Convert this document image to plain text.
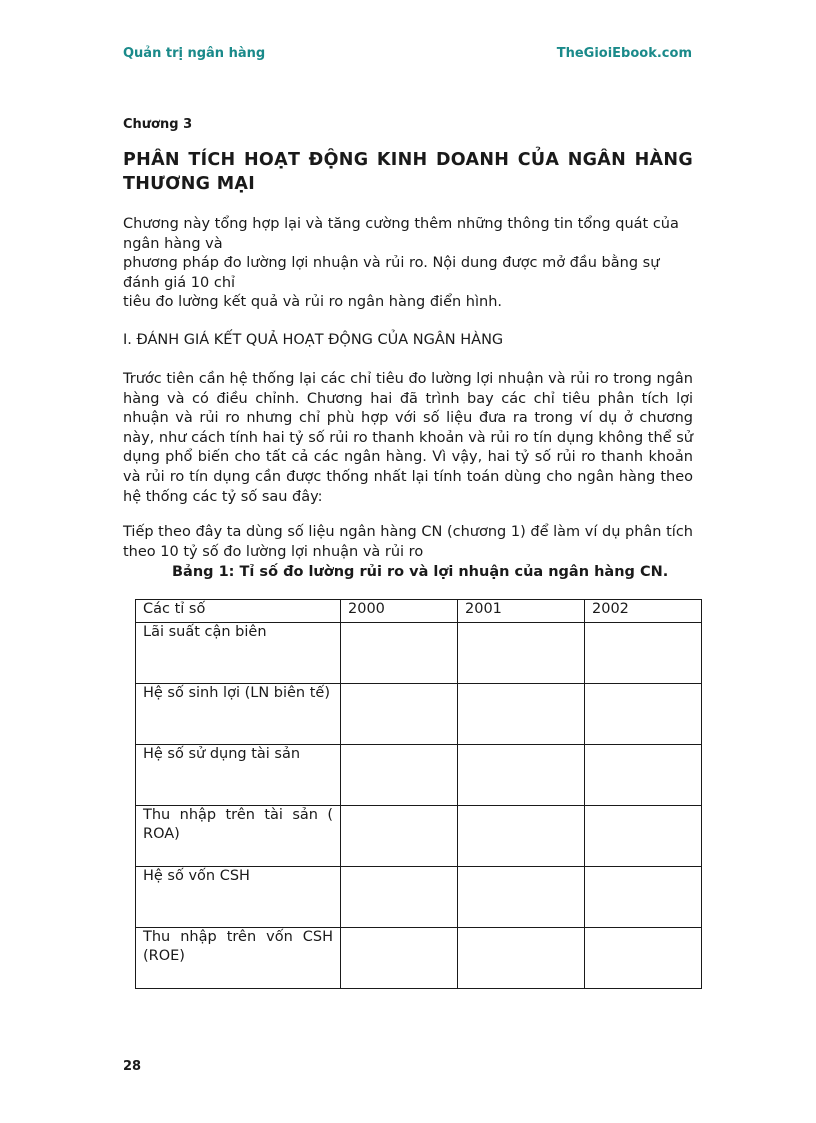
Quản trị ngân hàng	TheGioiEbook.com
Chương 3
PHÂN TÍCH HOẠT ĐỘNG KINH DOANH CỦA NGÂN HÀNG THƯƠNG MẠI
Chương này tổng hợp lại và tăng cường thêm những thông tin tổng quát của
ngân hàng và
phương pháp đo lường lợi nhuận và rủi ro. Nội dung được mở đầu bằng sự
đánh giá 10 chỉ
tiêu đo lường kết quả và rủi ro ngân hàng điển hình.
I. ĐÁNH GIÁ KẾT QUẢ HOẠT ĐỘNG CỦA NGÂN HÀNG
Trước tiên cần hệ thống lại các chỉ tiêu đo lường lợi nhuận và rủi ro trong ngân hàng và có điều chỉnh. Chương hai đã trình bay các chỉ tiêu phân tích lợi nhuận và rủi ro nhưng chỉ phù hợp với số liệu đưa ra trong ví dụ ở chương này, như cách tính hai tỷ số rủi ro thanh khoản và rủi ro tín dụng không thể sử dụng phổ biến cho tất cả các ngân hàng. Vì vậy, hai tỷ số rủi ro thanh khoản và rủi ro tín dụng cần được thống nhất lại tính toán dùng cho ngân hàng theo hệ thống các tỷ số sau đây:
Tiếp theo đây ta dùng số liệu ngân hàng CN (chương 1) để làm ví dụ phân tích theo 10 tỷ số đo lường lợi nhuận và rủi ro
Bảng 1: Tỉ số đo lường rủi ro và lợi nhuận của ngân hàng CN.
Các tỉ số	2000	2001	2002
Lãi suất cận biên			
Hệ số sinh lợi (LN biên tế)			
Hệ số sử dụng tài sản			
Thu nhập trên tài sản ( ROA)			
Hệ số vốn CSH			
Thu nhập trên vốn CSH (ROE)			
28
